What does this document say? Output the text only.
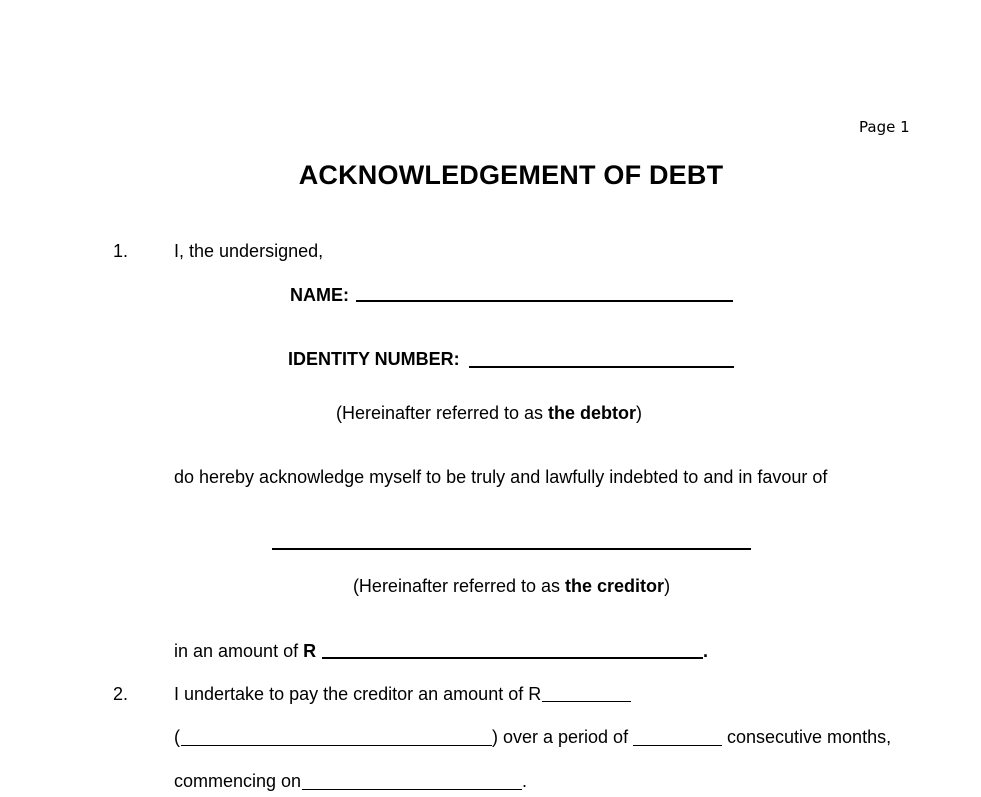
Page 1
ACKNOWLEDGEMENT OF DEBT
1.	I, the undersigned,
NAME:
IDENTITY NUMBER:
(Hereinafter referred to as the debtor)
do hereby acknowledge myself to be truly and lawfully indebted to and in favour of
(Hereinafter referred to as the creditor)
in an amount of R	.
2.	I undertake to pay the creditor an amount of R
(	) over a period of	consecutive months,
commencing on	.
